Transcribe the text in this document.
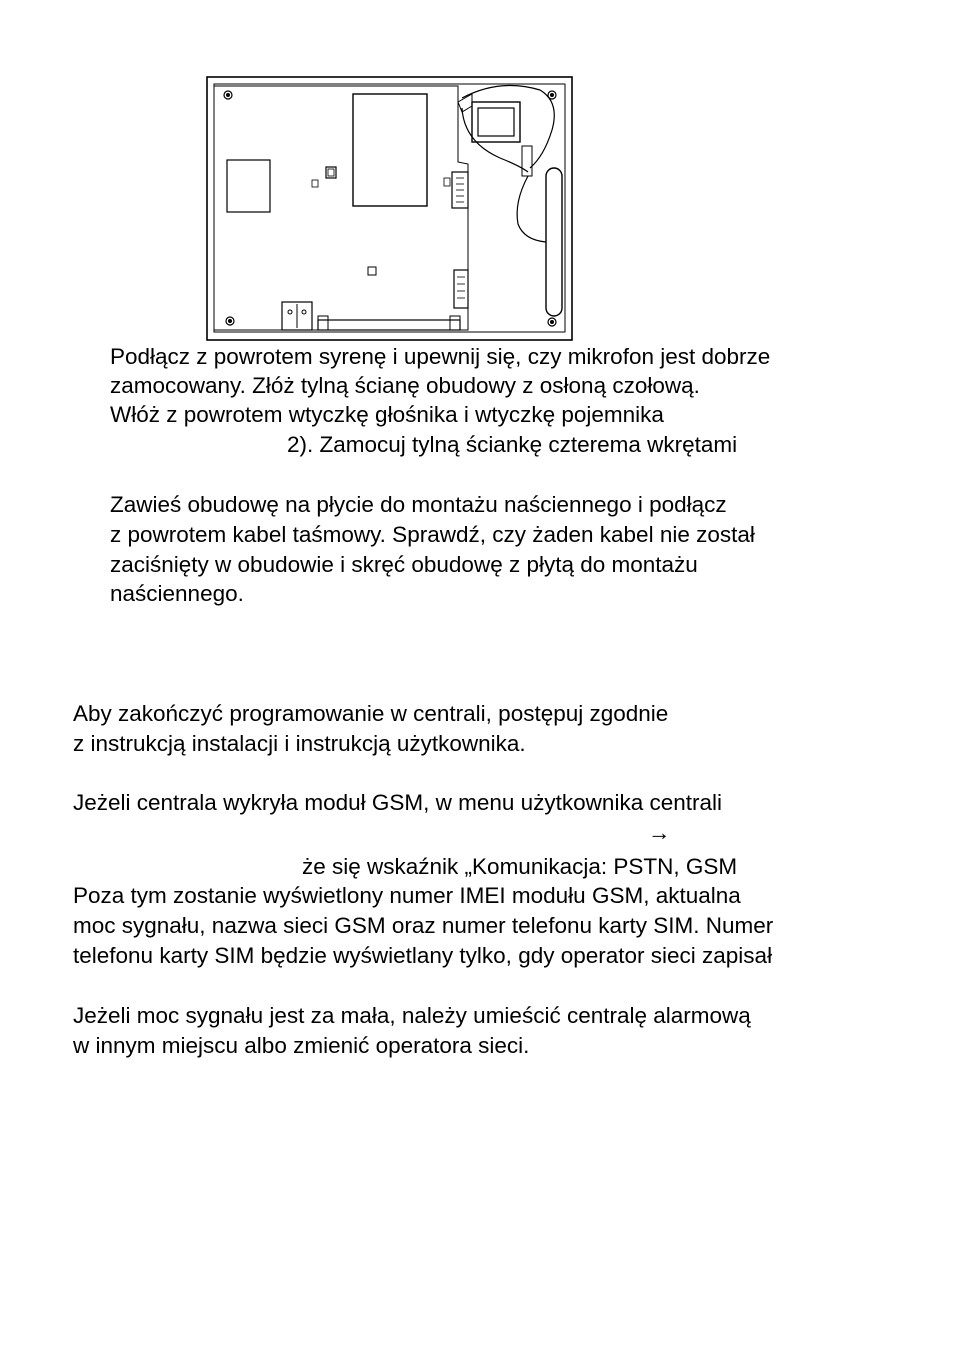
Podłącz z powrotem syrenę i upewnij się, czy mikrofon jest dobrze
zamocowany. Złóż tylną ścianę obudowy z osłoną czołową.
Włóż z powrotem wtyczkę głośnika i wtyczkę pojemnika
2). Zamocuj tylną ściankę czterema wkrętami
Zawieś obudowę na płycie do montażu naściennego i podłącz
z powrotem kabel taśmowy. Sprawdź, czy żaden kabel nie został
zaciśnięty w obudowie i skręć obudowę z płytą do montażu
naściennego.
Aby zakończyć programowanie w centrali, postępuj zgodnie
z instrukcją instalacji i instrukcją użytkownika.
Jeżeli centrala wykryła moduł GSM, w menu użytkownika centrali
→
że się wskaźnik „Komunikacja: PSTN, GSM
Poza tym zostanie wyświetlony numer IMEI modułu GSM, aktualna
moc sygnału, nazwa sieci GSM oraz numer telefonu karty SIM. Numer
telefonu karty SIM będzie wyświetlany tylko, gdy operator sieci zapisał
Jeżeli moc sygnału jest za mała, należy umieścić centralę alarmową
w innym miejscu albo zmienić operatora sieci.
